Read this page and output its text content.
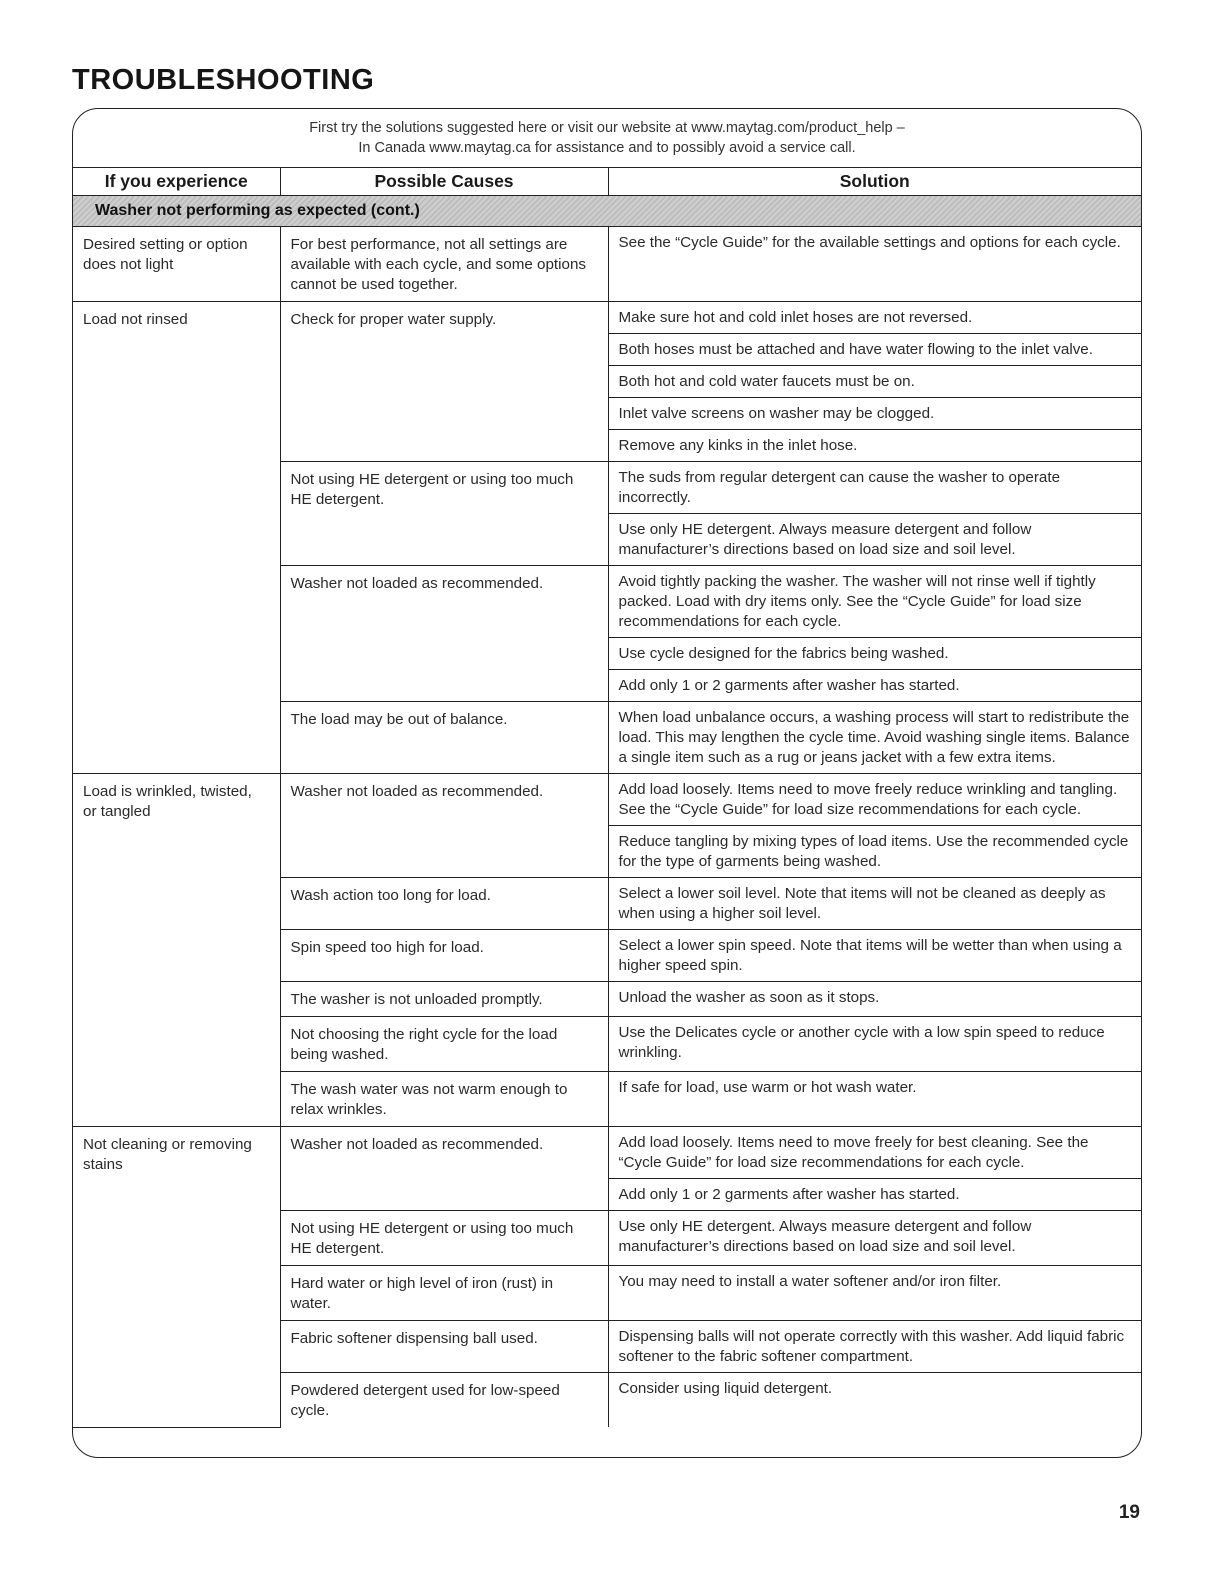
TROUBLESHOOTING
First try the solutions suggested here or visit our website at www.maytag.com/product_help –
In Canada www.maytag.ca for assistance and to possibly avoid a service call.
If you experience	Possible Causes	Solution
Washer not performing as expected (cont.)		
Desired setting or option does not light	For best performance, not all settings are available with each cycle, and some options cannot be used together.	See the “Cycle Guide” for the available settings and options for each cycle.

Load not rinsed	Check for proper water supply.	Make sure hot and cold inlet hoses are not reversed.
Both hoses must be attached and have water flowing to the inlet valve.
Both hot and cold water faucets must be on.
Inlet valve screens on washer may be clogged.
Remove any kinks in the inlet hose.

	Not using HE detergent or using too much HE detergent.	The suds from regular detergent can cause the washer to operate incorrectly.
Use only HE detergent. Always measure detergent and follow manufacturer’s directions based on load size and soil level.

	Washer not loaded as recommended.	Avoid tightly packing the washer. The washer will not rinse well if tightly packed. Load with dry items only. See the “Cycle Guide” for load size recommendations for each cycle.
Use cycle designed for the fabrics being washed.
Add only 1 or 2 garments after washer has started.

	The load may be out of balance.	When load unbalance occurs, a washing process will start to redistribute the load. This may lengthen the cycle time. Avoid washing single items. Balance a single item such as a rug or jeans jacket with a few extra items.

Load is wrinkled, twisted, or tangled	Washer not loaded as recommended.	Add load loosely. Items need to move freely reduce wrinkling and tangling. See the “Cycle Guide” for load size recommendations for each cycle.
Reduce tangling by mixing types of load items. Use the recommended cycle for the type of garments being washed.

	Wash action too long for load.	Select a lower soil level. Note that items will not be cleaned as deeply as when using a higher soil level.

	Spin speed too high for load.	Select a lower spin speed. Note that items will be wetter than when using a higher speed spin.

	The washer is not unloaded promptly.	Unload the washer as soon as it stops.

	Not choosing the right cycle for the load being washed.	Use the Delicates cycle or another cycle with a low spin speed to reduce wrinkling.

	The wash water was not warm enough to relax wrinkles.	If safe for load, use warm or hot wash water.

Not cleaning or removing stains	Washer not loaded as recommended.	Add load loosely. Items need to move freely for best cleaning. See the “Cycle Guide” for load size recommendations for each cycle.
Add only 1 or 2 garments after washer has started.

	Not using HE detergent or using too much HE detergent.	Use only HE detergent. Always measure detergent and follow manufacturer’s directions based on load size and soil level.

	Hard water or high level of iron (rust) in water.	You may need to install a water softener and/or iron filter.

	Fabric softener dispensing ball used.	Dispensing balls will not operate correctly with this washer. Add liquid fabric softener to the fabric softener compartment.

	Powdered detergent used for low-speed cycle.	Consider using liquid detergent.
19
